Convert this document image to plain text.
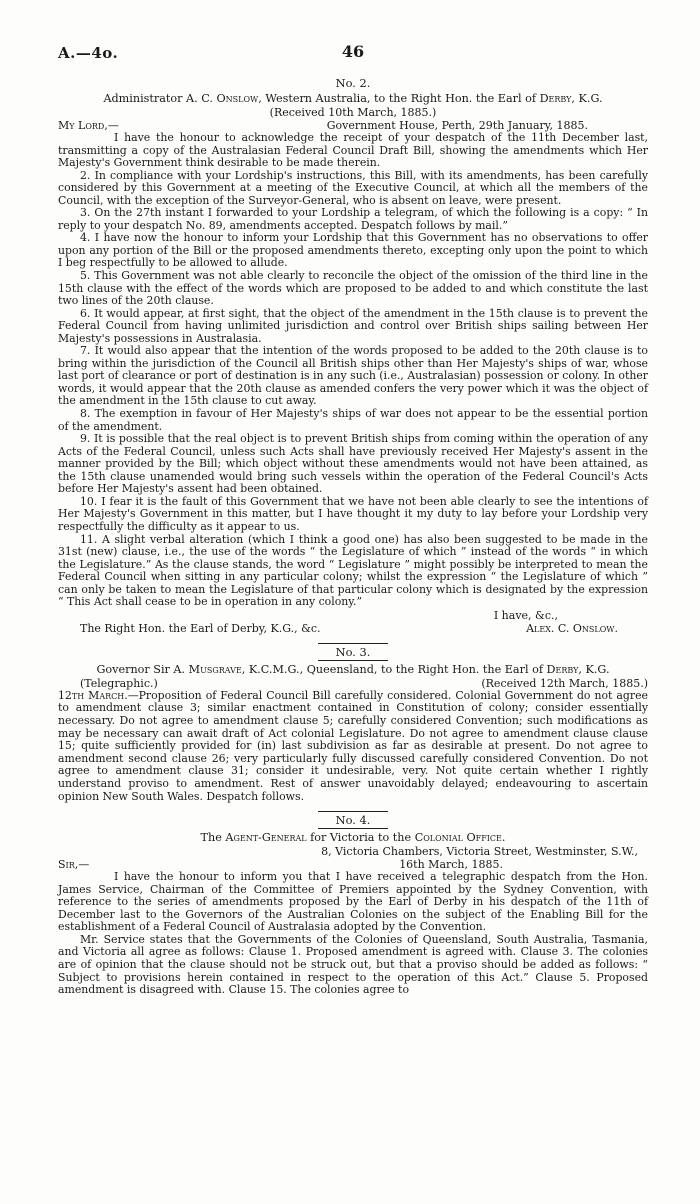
A.—4o.	46
No. 2.
Administrator A. C. Onslow, Western Australia, to the Right Hon. the Earl of Derby, K.G.
(Received 10th March, 1885.)
My Lord,—	Government House, Perth, 29th January, 1885.

I have the honour to acknowledge the receipt of your despatch of the 11th December last, transmitting a copy of the Australasian Federal Council Draft Bill, showing the amendments which Her Majesty's Government think desirable to be made therein.

2. In compliance with your Lordship's instructions, this Bill, with its amendments, has been carefully considered by this Government at a meeting of the Executive Council, at which all the members of the Council, with the exception of the Surveyor-General, who is absent on leave, were present.

3. On the 27th instant I forwarded to your Lordship a telegram, of which the following is a copy: “ In reply to your despatch No. 89, amendments accepted. Despatch follows by mail.”

4. I have now the honour to inform your Lordship that this Government has no observations to offer upon any portion of the Bill or the proposed amendments thereto, excepting only upon the point to which I beg respectfully to be allowed to allude.

5. This Government was not able clearly to reconcile the object of the omission of the third line in the 15th clause with the effect of the words which are proposed to be added to and which constitute the last two lines of the 20th clause.

6. It would appear, at first sight, that the object of the amendment in the 15th clause is to prevent the Federal Council from having unlimited jurisdiction and control over British ships sailing between Her Majesty's possessions in Australasia.

7. It would also appear that the intention of the words proposed to be added to the 20th clause is to bring within the jurisdiction of the Council all British ships other than Her Majesty's ships of war, whose last port of clearance or port of destination is in any such (i.e., Australasian) possession or colony. In other words, it would appear that the 20th clause as amended confers the very power which it was the object of the amendment in the 15th clause to cut away.

8. The exemption in favour of Her Majesty's ships of war does not appear to be the essential portion of the amendment.

9. It is possible that the real object is to prevent British ships from coming within the operation of any Acts of the Federal Council, unless such Acts shall have previously received Her Majesty's assent in the manner provided by the Bill; which object without these amendments would not have been attained, as the 15th clause unamended would bring such vessels within the operation of the Federal Council's Acts before Her Majesty's assent had been obtained.

10. I fear it is the fault of this Government that we have not been able clearly to see the intentions of Her Majesty's Government in this matter, but I have thought it my duty to lay before your Lordship very respectfully the difficulty as it appear to us.

11. A slight verbal alteration (which I think a good one) has also been suggested to be made in the 31st (new) clause, i.e., the use of the words “ the Legislature of which ” instead of the words “ in which the Legislature.” As the clause stands, the word “ Legislature ” might possibly be interpreted to mean the Federal Council when sitting in any particular colony; whilst the expression “ the Legislature of which ” can only be taken to mean the Legislature of that particular colony which is designated by the expression “ This Act shall cease to be in operation in any colony.”

I have, &c.,
The Right Hon. the Earl of Derby, K.G., &c.	Alex. C. Onslow.
No. 3.
Governor Sir A. Musgrave, K.C.M.G., Queensland, to the Right Hon. the Earl of Derby, K.G.
(Telegraphic.)	(Received 12th March, 1885.)
12th March.—Proposition of Federal Council Bill carefully considered. Colonial Government do not agree to amendment clause 3; similar enactment contained in Constitution of colony; consider essentially necessary. Do not agree to amendment clause 5; carefully considered Convention; such modifications as may be necessary can await draft of Act colonial Legislature. Do not agree to amendment clause clause 15; quite sufficiently provided for (in) last subdivision as far as desirable at present. Do not agree to amendment second clause 26; very particularly fully discussed carefully considered Convention. Do not agree to amendment clause 31; consider it undesirable, very. Not quite certain whether I rightly understand proviso to amendment. Rest of answer unavoidably delayed; endeavouring to ascertain opinion New South Wales. Despatch follows.
No. 4.
The Agent-General for Victoria to the Colonial Office.
8, Victoria Chambers, Victoria Street, Westminster, S.W.,
Sir,—	16th March, 1885.

I have the honour to inform you that I have received a telegraphic despatch from the Hon. James Service, Chairman of the Committee of Premiers appointed by the Sydney Convention, with reference to the series of amendments proposed by the Earl of Derby in his despatch of the 11th of December last to the Governors of the Australian Colonies on the subject of the Enabling Bill for the establishment of a Federal Council of Australasia adopted by the Convention.

Mr. Service states that the Governments of the Colonies of Queensland, South Australia, Tasmania, and Victoria all agree as follows: Clause 1. Proposed amendment is agreed with. Clause 3. The colonies are of opinion that the clause should not be struck out, but that a proviso should be added as follows: “ Subject to provisions herein contained in respect to the operation of this Act.” Clause 5. Proposed amendment is disagreed with. Clause 15. The colonies agree to
